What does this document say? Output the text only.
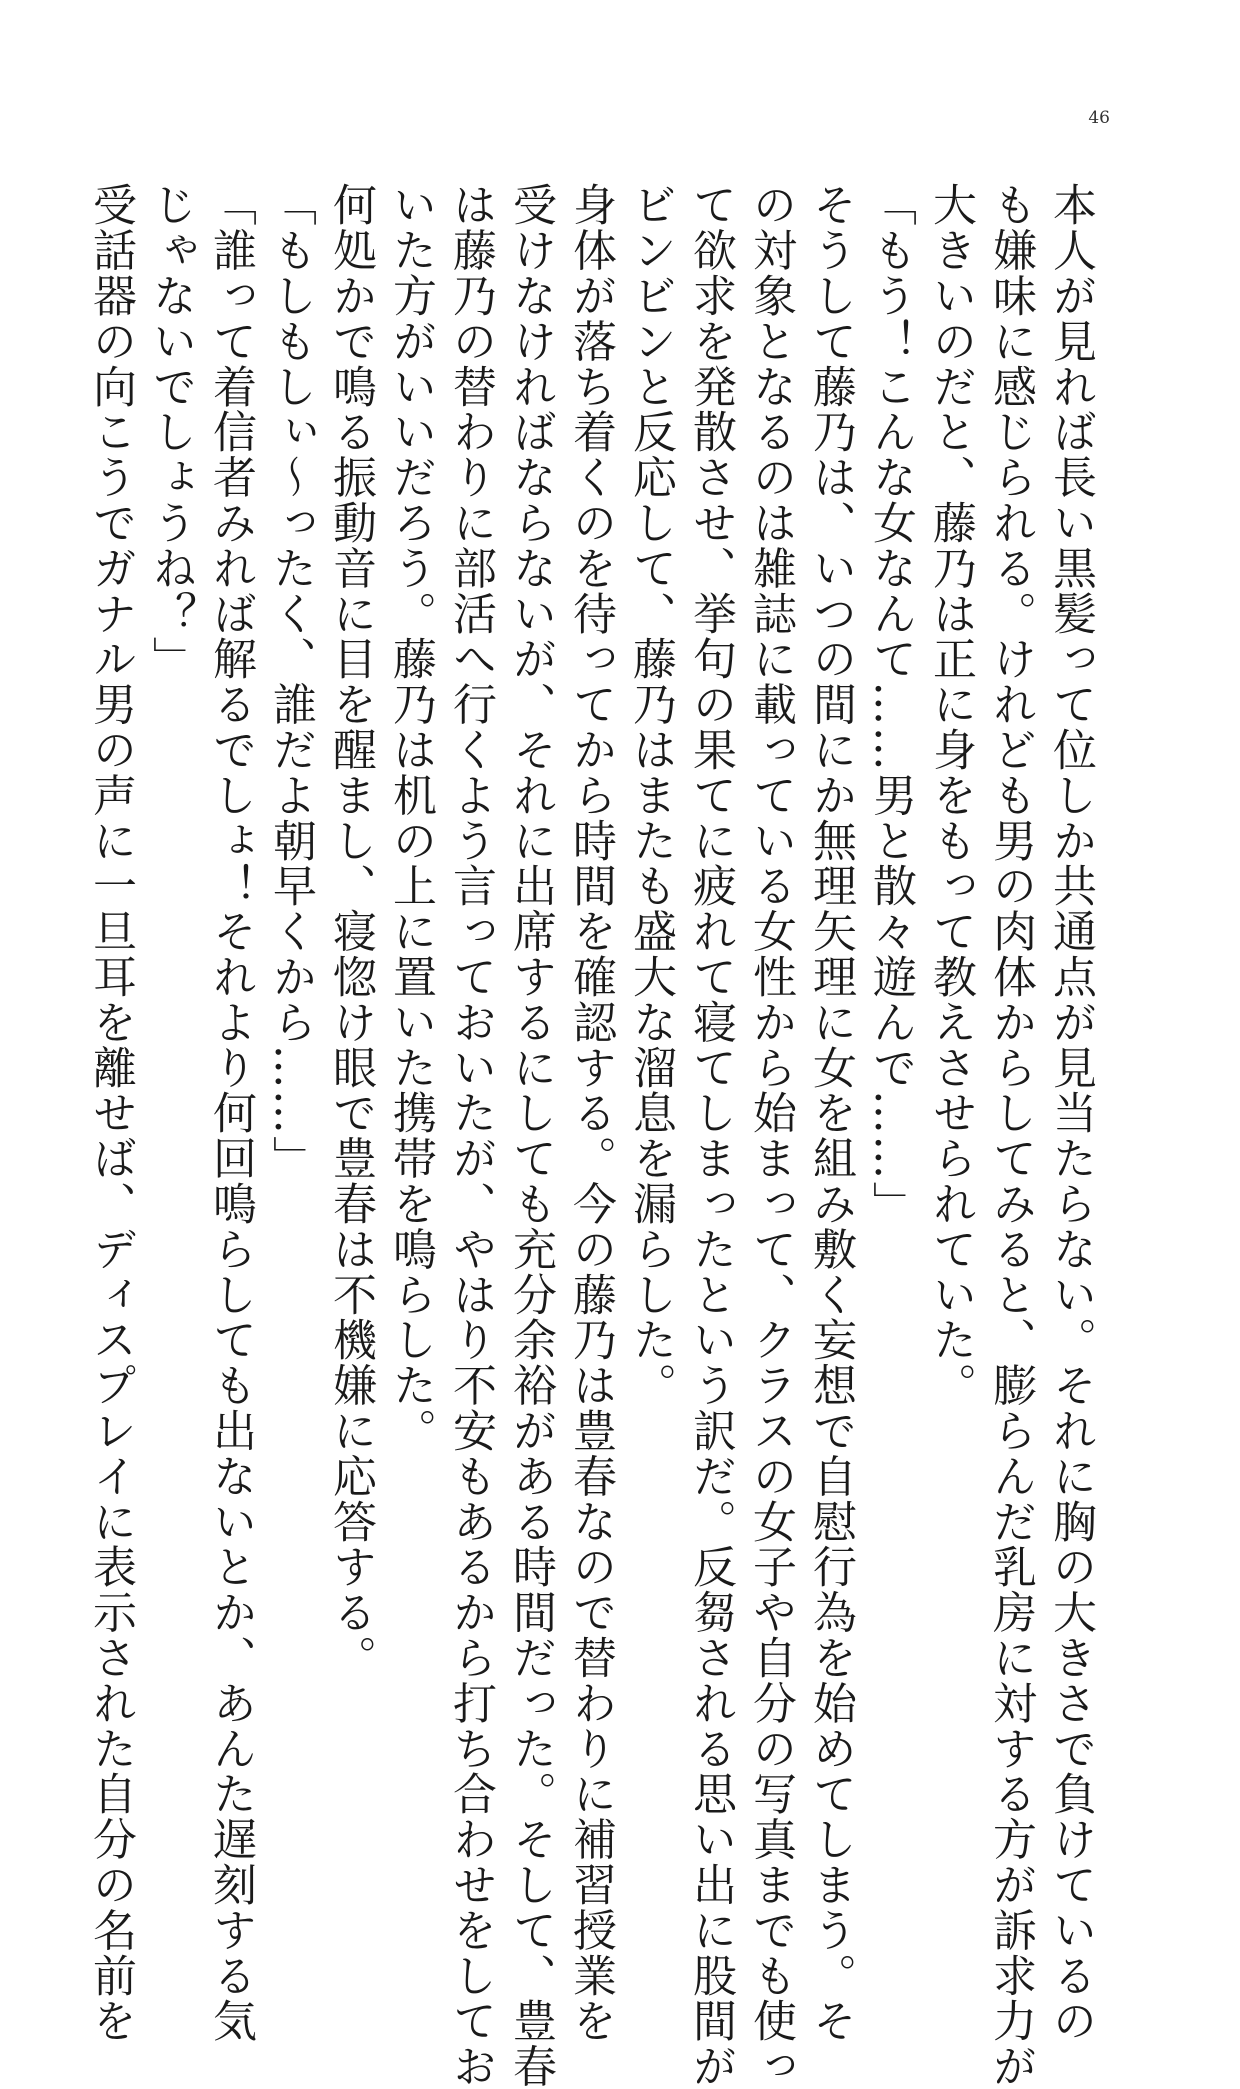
46
本人が見れば長い黒髪って位しか共通点が見当たらない。それに胸の大きさで負けているの
も嫌味に感じられる。けれども男の肉体からしてみると、膨らんだ乳房に対する方が訴求力が
大きいのだと、藤乃は正に身をもって教えさせられていた。
「もう！こんな女なんて……男と散々遊んで……」
そうして藤乃は、いつの間にか無理矢理に女を組み敷く妄想で自慰行為を始めてしまう。そ
の対象となるのは雑誌に載っている女性から始まって、クラスの女子や自分の写真までも使っ
て欲求を発散させ、挙句の果てに疲れて寝てしまったという訳だ。反芻される思い出に股間が
ビンビンと反応して、藤乃はまたも盛大な溜息を漏らした。
身体が落ち着くのを待ってから時間を確認する。今の藤乃は豊春なので替わりに補習授業を
受けなければならないが、それに出席するにしても充分余裕がある時間だった。そして、豊春
は藤乃の替わりに部活へ行くよう言っておいたが、やはり不安もあるから打ち合わせをしてお
いた方がいいだろう。藤乃は机の上に置いた携帯を鳴らした。
何処かで鳴る振動音に目を醒まし、寝惚け眼で豊春は不機嫌に応答する。
「もしもしぃ〜ったく、誰だよ朝早くから……」
「誰って着信者みれば解るでしょ！それより何回鳴らしても出ないとか、あんた遅刻する気
じゃないでしょうね？」
受話器の向こうでガナル男の声に一旦耳を離せば、ディスプレイに表示された自分の名前を
